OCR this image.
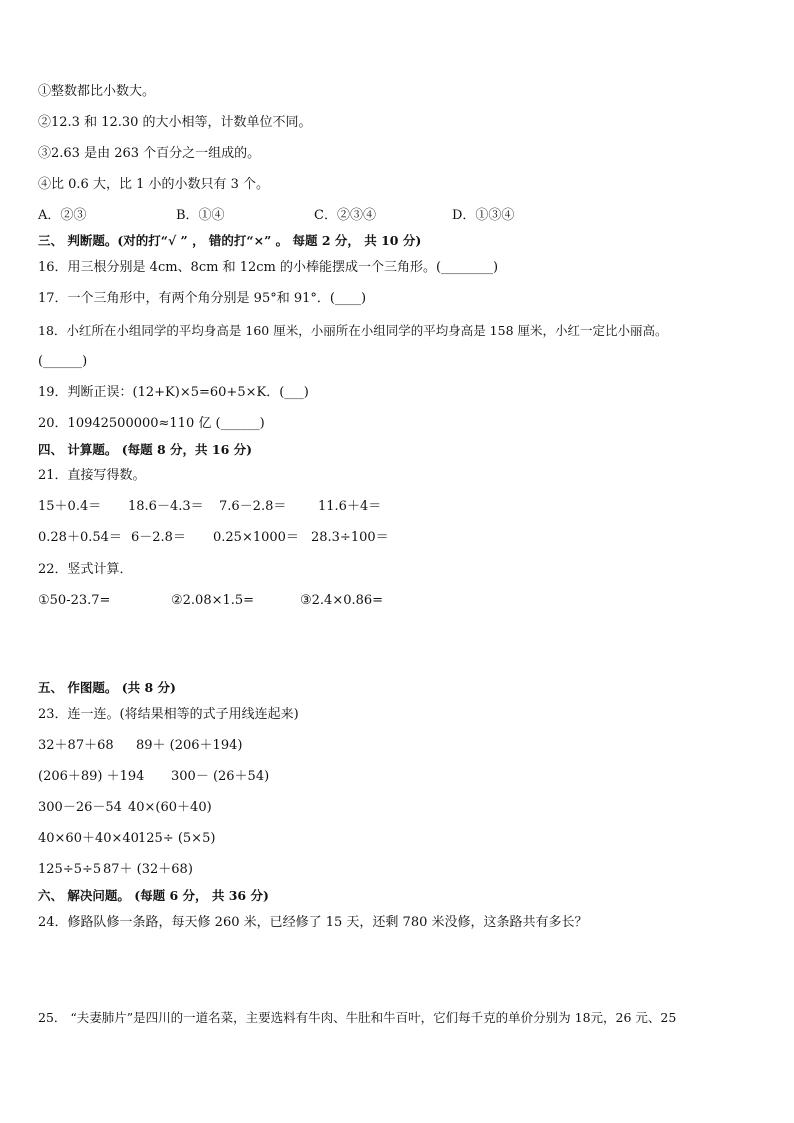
①整数都比小数大。
②12.3 和 12.30 的大小相等，计数单位不同。
③2.63 是由 263 个百分之一组成的。
④比 0.6 大，比 1 小的小数只有 3 个。

A．②③

	B．①④

	C．②③④

	D．①③④

三、 判断题。(对的打“√ ” ， 错的打“×” 。 每题 2 分， 共 10 分)
16．用三根分别是 4cm、8cm 和 12cm 的小棒能摆成一个三角形。(________)
17．一个三角形中，有两个角分别是 95°和 91°．(____)
18．小红所在小组同学的平均身高是 160 厘米，小丽所在小组同学的平均身高是 158 厘米，小红一定比小丽高。
(______)
19．判断正误：(12+K)×5=60+5×K．(___)
20．10942500000≈110 亿 (______)
四、 计算题。 (每题 8 分，共 16 分)
21．直接写得数。

15＋0.4＝

18.6－4.3＝

7.6－2.8＝

11.6＋4＝

0.28＋0.54＝

6－2.8＝

0.25×1000＝

28.3÷100＝

22．竖式计算．

①50-23.7=

	②2.08×1.5=

	③2.4×0.86=

五、 作图题。 (共 8 分)
23．连一连。(将结果相等的式子用线连起来)

32＋87＋68

89＋ (206＋194)

(206＋89) ＋194

300－ (26＋54)

300－26－54

40×(60＋40)

40×60＋40×40

125÷ (5×5)

125÷5÷5

87＋ (32＋68)

六、 解决问题。 (每题 6 分， 共 36 分)
24．修路队修一条路，每天修 260 米，已经修了 15 天，还剩 780 米没修，这条路共有多长？
25． “夫妻肺片”是四川的一道名菜，主要选料有牛肉、牛肚和牛百叶，它们每千克的单价分别为 18元，26 元、25
